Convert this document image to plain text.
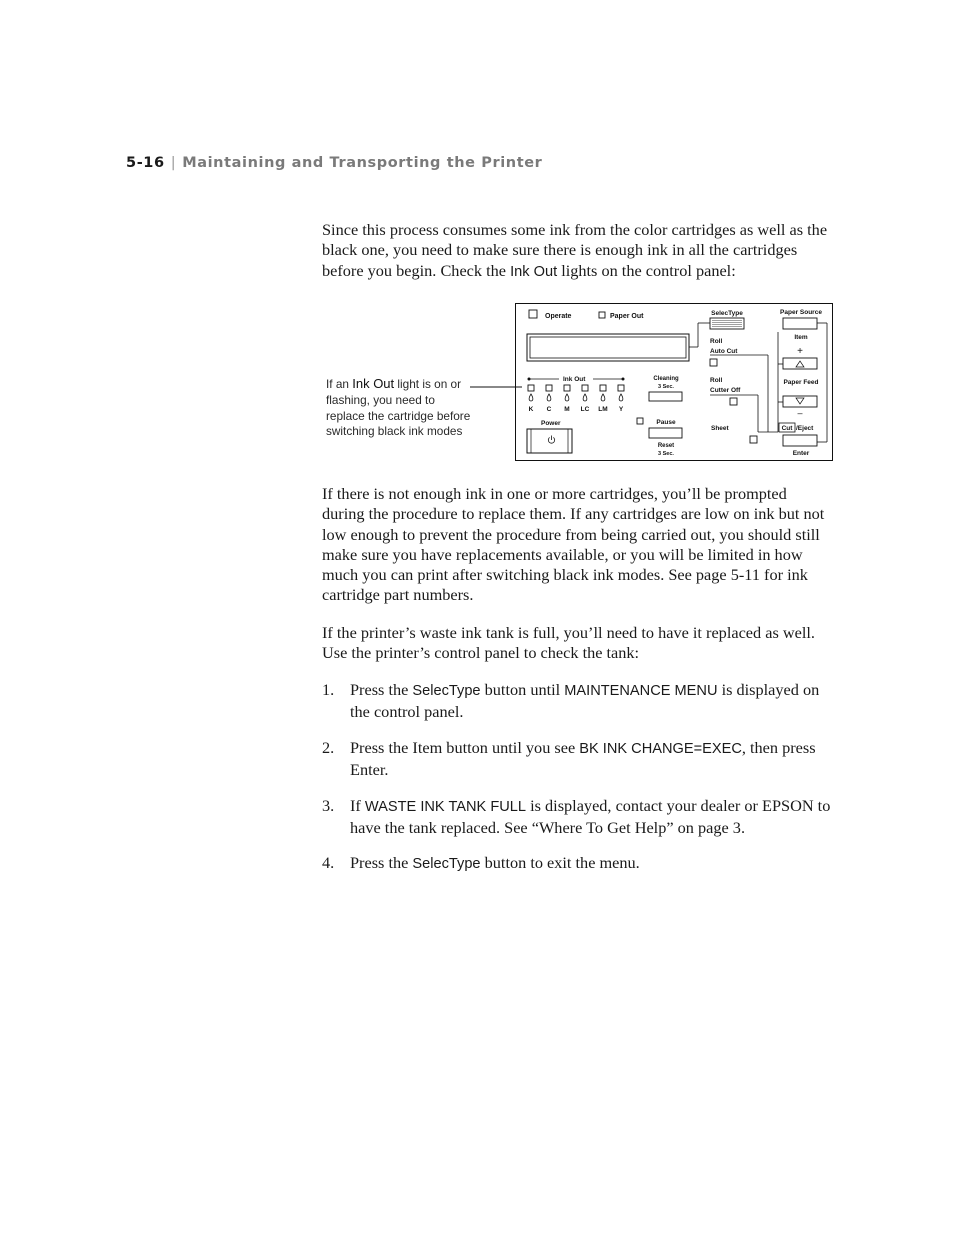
5-16 | Maintaining and Transporting the Printer

Since this process consumes some ink from the color cartridges as well as the black one, you need to make sure there is enough ink in all the cartridges before you begin. Check the Ink Out lights on the control panel:

If an Ink Out light is on or flashing, you need to replace the cartridge before switching black ink modes
Operate	Paper Out
Ink Out
K C M LC LM Y
Cleaning
3 Sec.
Power	Pause
Reset
3 Sec.
SelecType
Roll
Auto Cut
Roll
Cutter Off
Sheet
Paper Source
Item
+
Paper Feed
–
Cut /Eject
Enter

If there is not enough ink in one or more cartridges, you’ll be prompted during the procedure to replace them. If any cartridges are low on ink but not low enough to prevent the procedure from being carried out, you should still make sure you have replacements available, or you will be limited in how much you can print after switching black ink modes. See page 5-11 for ink cartridge part numbers.

If the printer’s waste ink tank is full, you’ll need to have it replaced as well. Use the printer’s control panel to check the tank:

1. Press the SelecType button until MAINTENANCE MENU is displayed on the control panel.
2. Press the Item button until you see BK INK CHANGE=EXEC, then press Enter.
3. If WASTE INK TANK FULL is displayed, contact your dealer or EPSON to have the tank replaced. See “Where To Get Help” on page 3.
4. Press the SelecType button to exit the menu.
